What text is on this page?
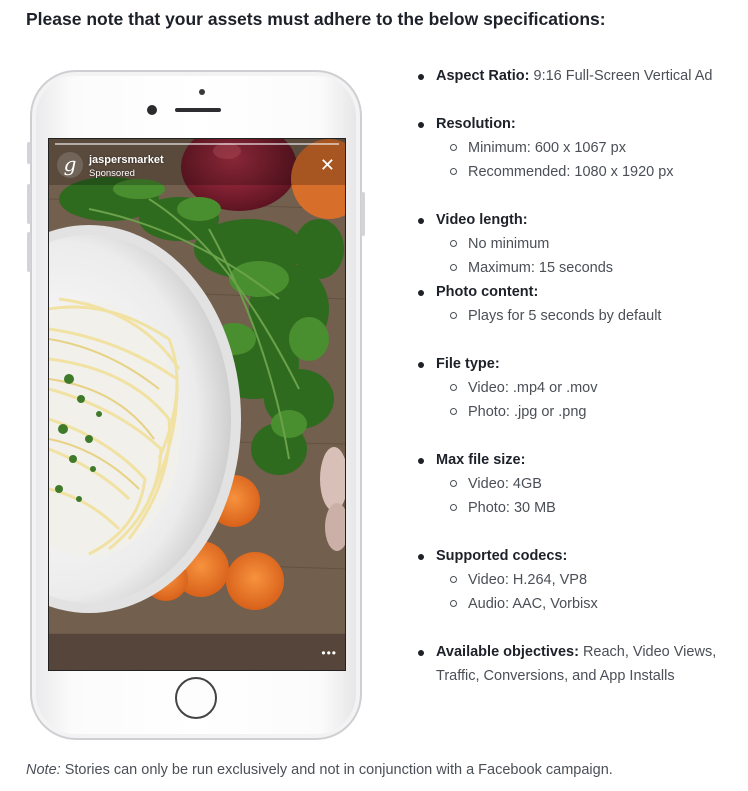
Please note that your assets must adhere to the below specifications:
g	jaspersmarket
Sponsored	✕
•••
Aspect Ratio: 9:16 Full-Screen Vertical Ad
Resolution:
Minimum: 600 x 1067 px
Recommended: 1080 x 1920 px
Video length:
No minimum
Maximum: 15 seconds
Photo content:
Plays for 5 seconds by default
File type:
Video: .mp4 or .mov
Photo: .jpg or .png
Max file size:
Video: 4GB
Photo: 30 MB
Supported codecs:
Video: H.264, VP8
Audio: AAC, Vorbisx
Available objectives: Reach, Video Views,
Traffic, Conversions, and App Installs
Note: Stories can only be run exclusively and not in conjunction with a Facebook campaign.
